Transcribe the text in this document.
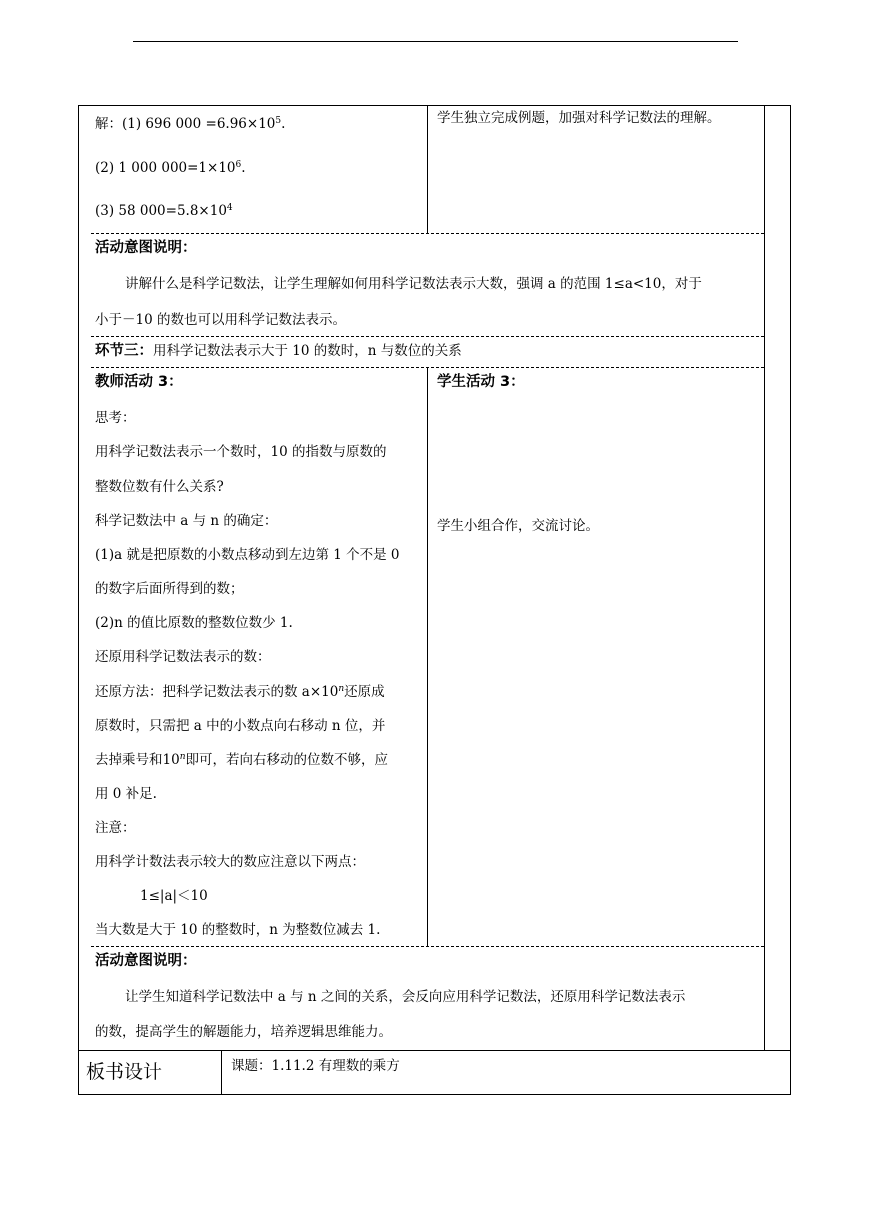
解：(1) 696 $000 =6.96\times 10^5$.
(2) 1 000 $000=1\times 10^6$.
(3) 58 $000=5.8\times 10^4$
学生独立完成例题，加强对科学记数法的理解。
活动意图说明：
讲解什么是科学记数法，让学生理解如何用科学记数法表示大数，强调 a 的范围 1≤a<10，对于
小于－10 的数也可以用科学记数法表示。
环节三：用科学记数法表示大于 10 的数时，n 与数位的关系
教师活动 3：
思考：
用科学记数法表示一个数时，10 的指数与原数的
整数位数有什么关系?
科学记数法中 a 与 n 的确定：
(1)a 就是把原数的小数点移动到左边第 1 个不是 0
的数字后面所得到的数；
(2)n 的值比原数的整数位数少 1.
还原用科学记数法表示的数：
还原方法：把科学记数法表示的数 $a\times 10^n$还原成
原数时，只需把 a 中的小数点向右移动 n 位，并
去掉乘号和10$^n$即可，若向右移动的位数不够，应
用 0 补足.
注意：
用科学计数法表示较大的数应注意以下两点：
1≤|a|＜10
当大数是大于 10 的整数时，n 为整数位减去 1.
学生活动 3：
学生小组合作，交流讨论。
活动意图说明：
让学生知道科学记数法中 a 与 n 之间的关系，会反向应用科学记数法，还原用科学记数法表示
的数，提高学生的解题能力，培养逻辑思维能力。
板书设计	课题：1.11.2 有理数的乘方
